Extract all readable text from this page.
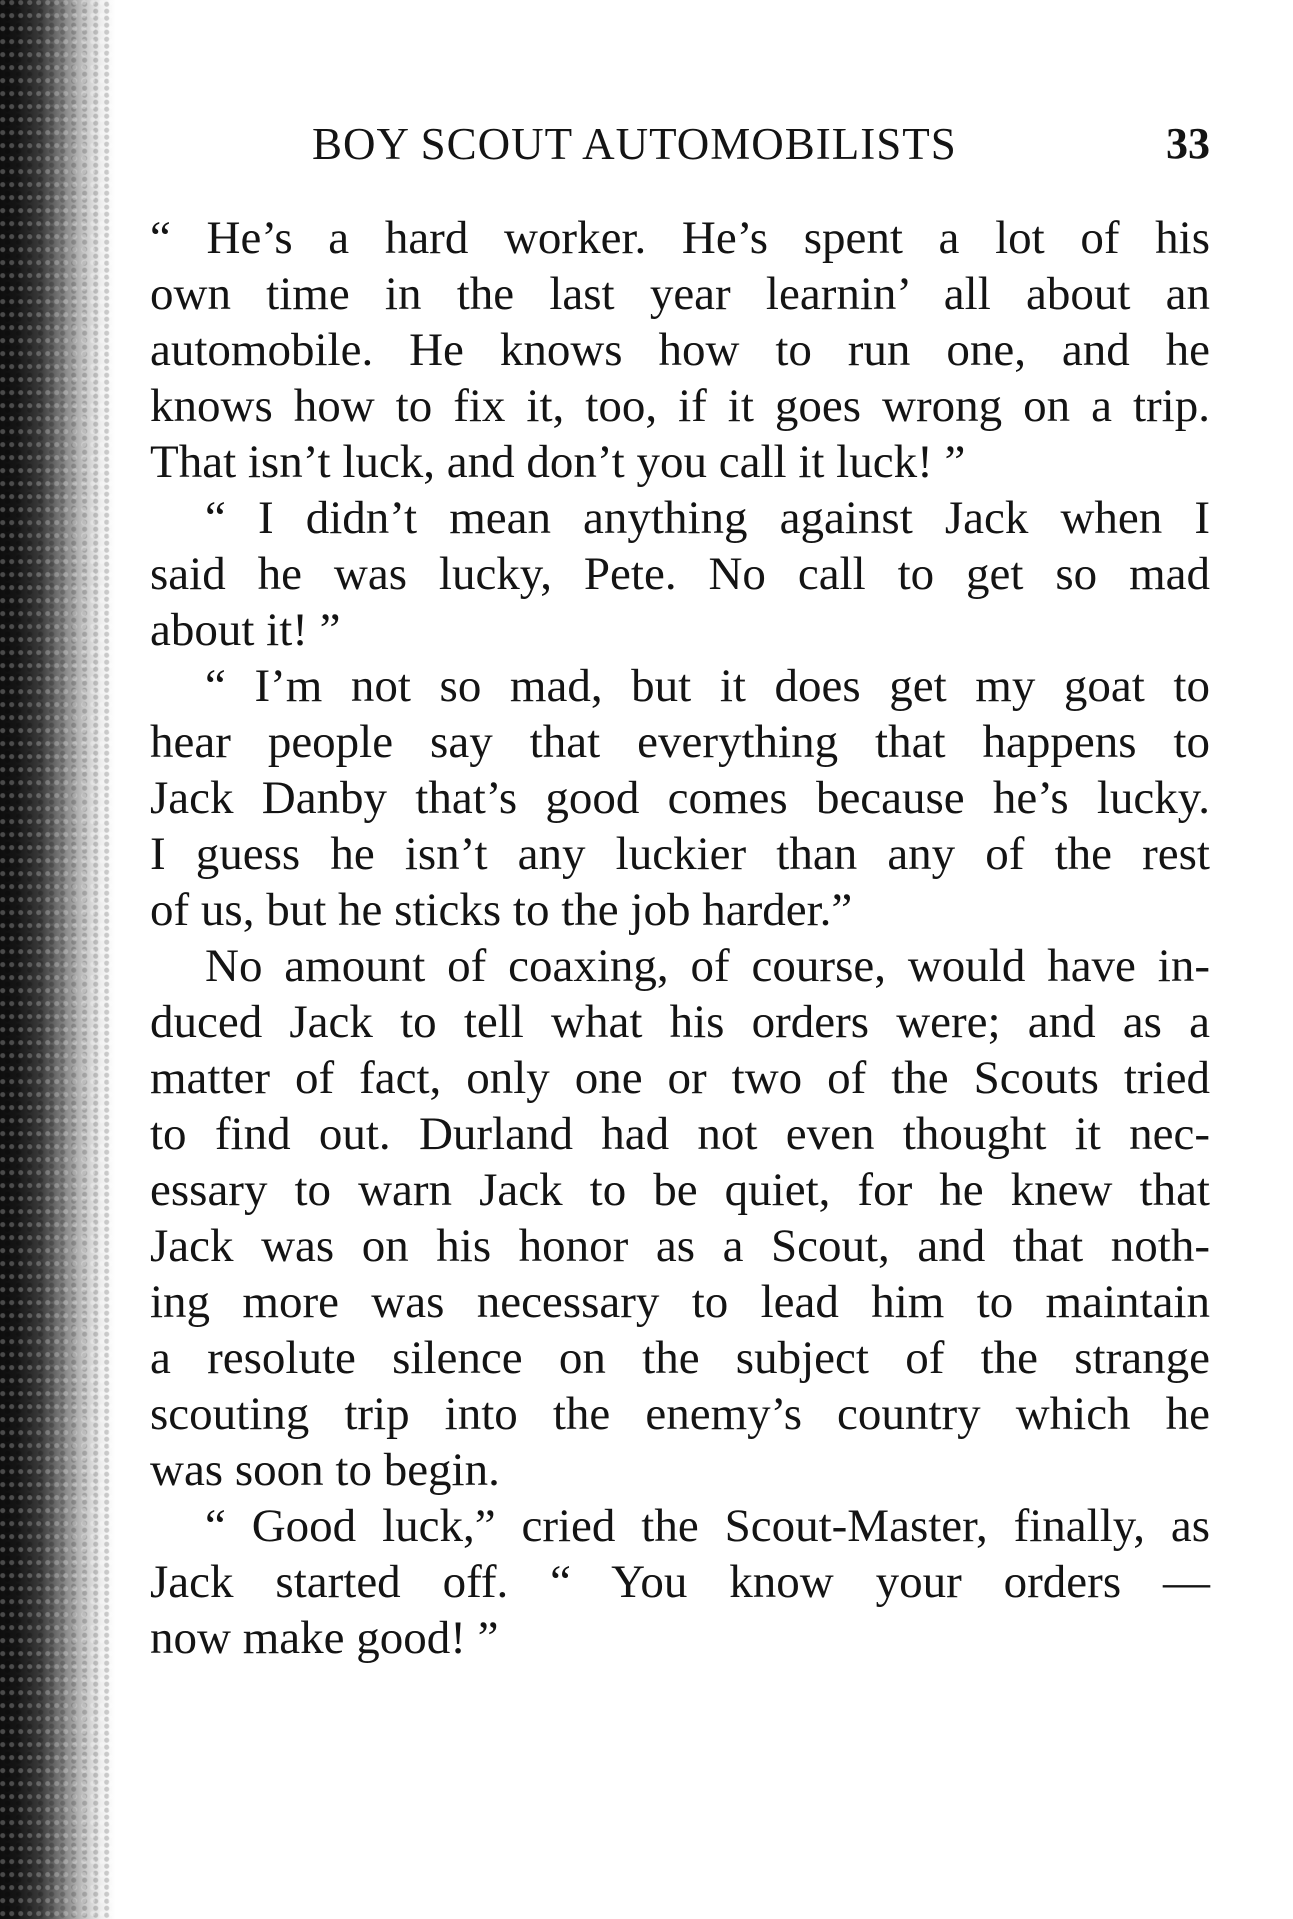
BOY SCOUT AUTOMOBILISTS	33
“ He’s a hard worker. He’s spent a lot of his
own time in the last year learnin’ all about an
automobile. He knows how to run one, and he
knows how to fix it, too, if it goes wrong on a trip.
That isn’t luck, and don’t you call it luck! ”
“ I didn’t mean anything against Jack when I
said he was lucky, Pete. No call to get so mad
about it! ”
“ I’m not so mad, but it does get my goat to
hear people say that everything that happens to
Jack Danby that’s good comes because he’s lucky.
I guess he isn’t any luckier than any of the rest
of us, but he sticks to the job harder.”
No amount of coaxing, of course, would have in-
duced Jack to tell what his orders were; and as a
matter of fact, only one or two of the Scouts tried
to find out. Durland had not even thought it nec-
essary to warn Jack to be quiet, for he knew that
Jack was on his honor as a Scout, and that noth-
ing more was necessary to lead him to maintain
a resolute silence on the subject of the strange
scouting trip into the enemy’s country which he
was soon to begin.
“ Good luck,” cried the Scout-Master, finally, as
Jack started off. “ You know your orders —
now make good! ”
